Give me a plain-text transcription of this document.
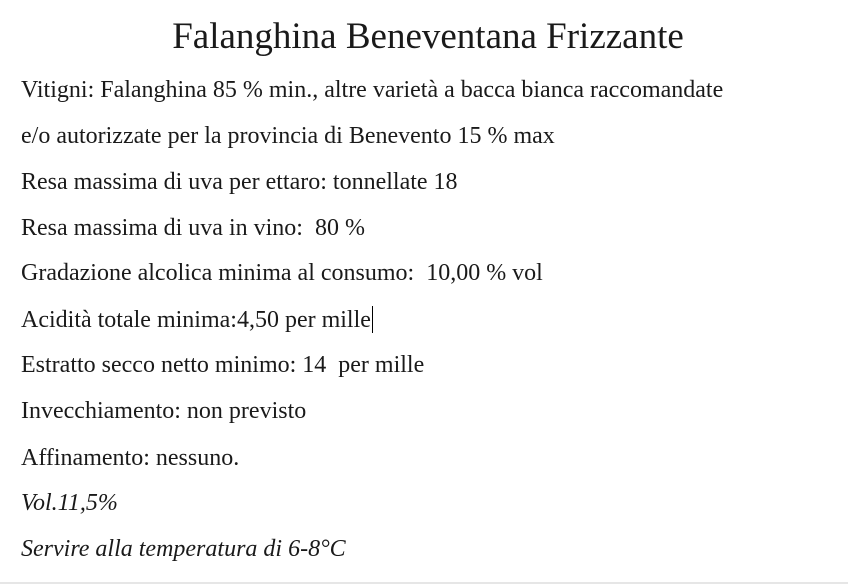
Falanghina Beneventana Frizzante
Vitigni: Falanghina 85 % min., altre varietà a bacca bianca raccomandate
e/o autorizzate per la provincia di Benevento 15 % max
Resa massima di uva per ettaro: tonnellate 18
Resa massima di uva in vino:  80 %
Gradazione alcolica minima al consumo:  10,00 % vol
Acidità totale minima:4,50 per mille
Estratto secco netto minimo: 14  per mille
Invecchiamento: non previsto
Affinamento: nessuno.
Vol.11,5%
Servire alla temperatura di 6-8°C
